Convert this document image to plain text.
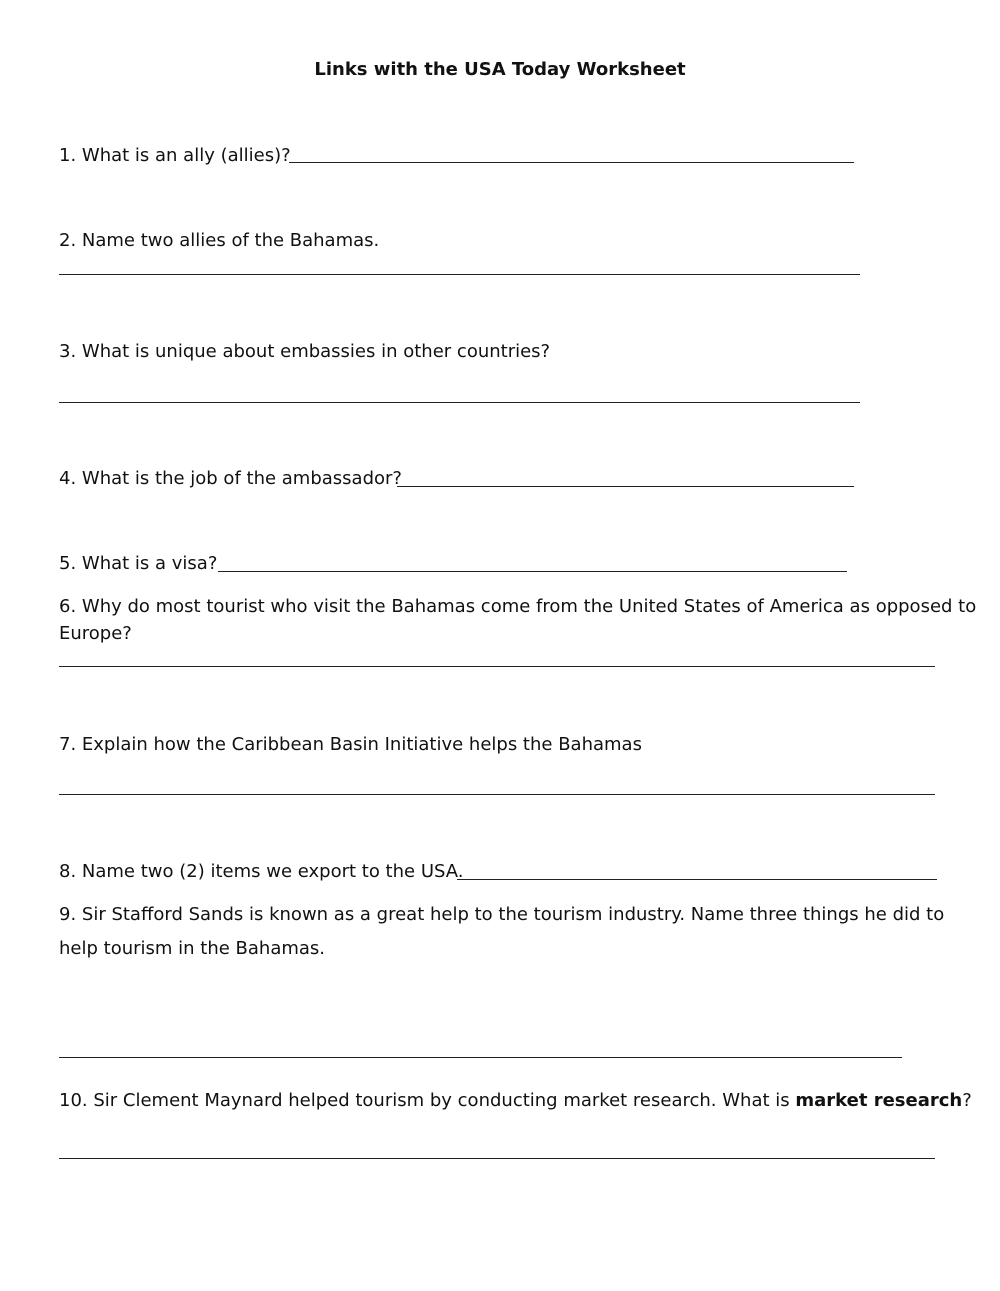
Links with the USA Today Worksheet
1. What is an ally (allies)?
2. Name two allies of the Bahamas.
3. What is unique about embassies in other countries?
4. What is the job of the ambassador?
5. What is a visa?
6. Why do most tourist who visit the Bahamas come from the United States of America as opposed to
Europe?
7. Explain how the Caribbean Basin Initiative helps the Bahamas
8. Name two (2) items we export to the USA.
9. Sir Stafford Sands is known as a great help to the tourism industry. Name three things he did to
help tourism in the Bahamas.
10. Sir Clement Maynard helped tourism by conducting market research. What is market research?
